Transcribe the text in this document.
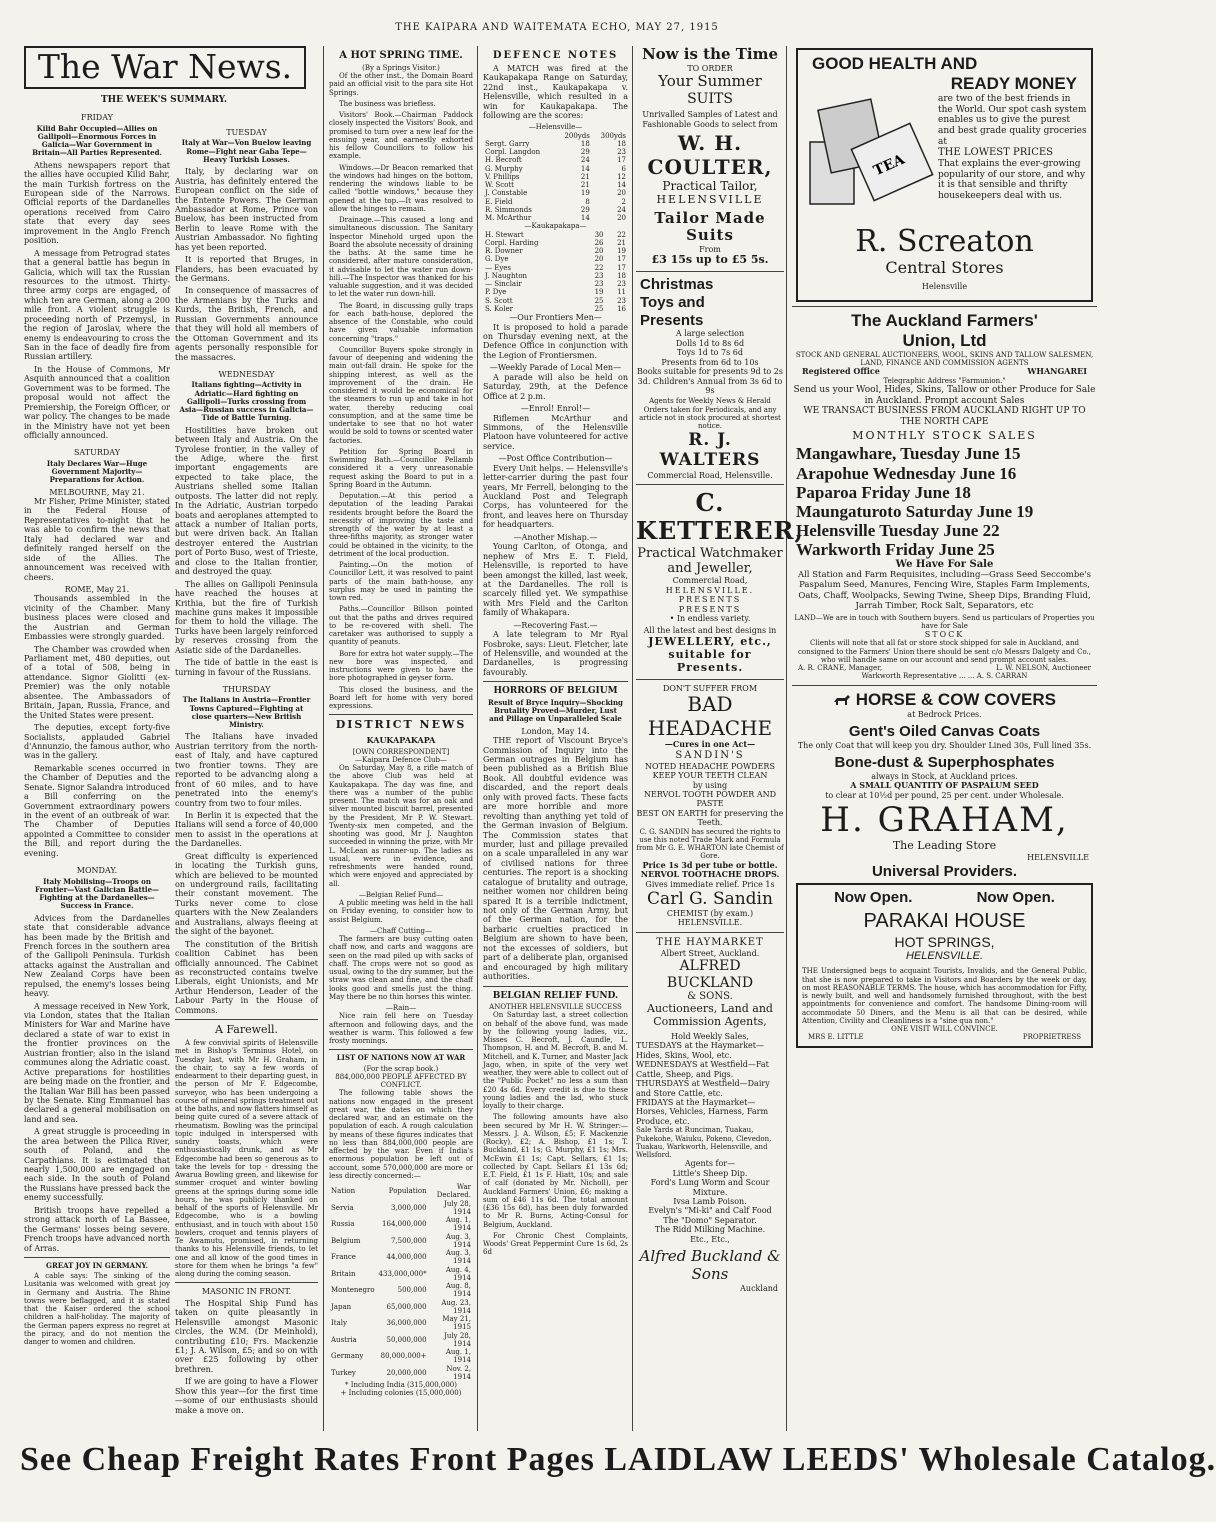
THE KAIPARA AND WAITEMATA ECHO, MAY 27, 1915
The War News.
THE WEEK'S SUMMARY.
FRIDAY
Kilid Bahr Occupied—Allies on Gallipoli—Enormous Forces in Galicia—War Government in Britain—All Parties Represented.

Athens newspapers report that the allies have occupied Kilid Bahr, the main Turkish fortress on the European side of the Narrows. Official reports of the Dardanelles operations received from Cairo state that every day sees improvement in the Anglo French position.

A message from Petrograd states that a general battle has begun in Galicia, which will tax the Russian resources to the utmost. Thirty-three army corps are engaged, of which ten are German, along a 200 mile front. A violent struggle is proceeding north of Przemysl, in the region of Jaroslav, where the enemy is endeavouring to cross the San in the face of deadly fire from Russian artillery.

In the House of Commons, Mr Asquith announced that a coalition Government was to be formed. The proposal would not affect the Premiership, the Foreign Officer, or war policy. The changes to be made in the Ministry have not yet been officially announced.

SATURDAY
Italy Declares War—Huge Government Majority—Preparations for Action.
MELBOURNE, May 21.

Mr Fisher, Prime Minister, stated in the Federal House of Representatives to-night that he was able to confirm the news that Italy had declared war and definitely ranged herself on the side of the Allies. The announcement was received with cheers.

ROME, May 21.

Thousands assembled in the vicinity of the Chamber. Many business places were closed and the Austrian and German Embassies were strongly guarded.

The Chamber was crowded when Parliament met, 480 deputies, out of a total of 508, being in attendance. Signor Giolitti (ex-Premier) was the only notable absentee. The Ambassadors of Britain, Japan, Russia, France, and the United States were present.

The deputies, except forty-five Socialists, applauded Gabriel d'Annunzio, the famous author, who was in the gallery.

Remarkable scenes occurred in the Chamber of Deputies and the Senate. Signor Salandra introduced a Bill conferring on the Government extraordinary powers in the event of an outbreak of war. The Chamber of Deputies appointed a Committee to consider the Bill, and report during the evening.

MONDAY.
Italy Mobilising—Troops on Frontier—Vast Galician Battle—Fighting at the Dardanelles—Success in France.

Advices from the Dardanelles state that considerable advance has been made by the British and French forces in the southern area of the Gallipoli Peninsula. Turkish attacks against the Australian and New Zealand Corps have been repulsed, the enemy's losses being heavy.

A message received in New York, via London, states that the Italian Ministers for War and Marine have declared a state of war to exist in the frontier provinces on the Austrian frontier; also in the island communes along the Adriatic coast. Active preparations for hostilities are being made on the frontier, and the Italian War Bill has been passed by the Senate. King Emmanuel has declared a general mobilisation on land and sea.

A great struggle is proceeding in the area between the Pilica River, south of Poland, and the Carpathians. It is estimated that nearly 1,500,000 are engaged on each side. In the south of Poland the Russians have pressed back the enemy successfully.

British troops have repelled a strong attack north of La Bassee, the Germans' losses being severe. French troops have advanced north of Arras.

GREAT JOY IN GERMANY.

A cable says: The sinking of the Lusitania was welcomed with great joy in Germany and Austria. The Rhine towns were beflagged, and it is stated that the Kaiser ordered the school children a half-holiday. The majority of the German papers express no regret at the piracy, and do not mention the danger to women and children.

TUESDAY
Italy at War—Von Buelow leaving Rome—Fight near Gaba Tepe—Heavy Turkish Losses.

Italy, by declaring war on Austria, has definitely entered the European conflict on the side of the Entente Powers. The German Ambassador at Rome, Prince von Buelow, has been instructed from Berlin to leave Rome with the Austrian Ambassador. No fighting has yet been reported.

It is reported that Bruges, in Flanders, has been evacuated by the Germans.

In consequence of massacres of the Armenians by the Turks and Kurds, the British, French, and Russian Governments announce that they will hold all members of the Ottoman Government and its agents personally responsible for the massacres.

WEDNESDAY
Italians fighting—Activity in Adriatic—Hard fighting on Gallipoli—Turks crossing from Asia—Russian success in Galicia—Tide of Battle Turning.

Hostilities have broken out between Italy and Austria. On the Tyrolese frontier, in the valley of the Adige, where the first important engagements are expected to take place, the Austrians shelled some Italian outposts. The latter did not reply. In the Adriatic, Austrian torpedo boats and aeroplanes attempted to attack a number of Italian ports, but were driven back. An Italian destroyer entered the Austrian port of Porto Buso, west of Trieste, and close to the Italian frontier, and destroyed the quay.

The allies on Gallipoli Peninsula have reached the houses at Krithia, but the fire of Turkish machine guns makes it impossible for them to hold the village. The Turks have been largely reinforced by reserves crossing from the Asiatic side of the Dardanelles.

The tide of battle in the east is turning in favour of the Russians.

THURSDAY
The Italians in Austria—Frontier Towns Captured—Fighting at close quarters—New British Ministry.

The Italians have invaded Austrian territory from the north-east of Italy, and have captured two frontier towns. They are reported to be advancing along a front of 60 miles, and to have penetrated into the enemy's country from two to four miles.

In Berlin it is expected that the Italians will send a force of 40,000 men to assist in the operations at the Dardanelles.

Great difficulty is experienced in locating the Turkish guns, which are believed to be mounted on underground rails, facilitating their constant movement. The Turks never come to close quarters with the New Zealanders and Australians, always fleeing at the sight of the bayonet.

The constitution of the British coalition Cabinet has been officially announced. The Cabinet as reconstructed contains twelve Liberals, eight Unionists, and Mr Arthur Henderson, Leader of the Labour Party in the House of Commons.

A Farewell.

A few convivial spirits of Helensville met in Bishop's Terminus Hotel, on Tuesday last, with Mr H. Graham, in the chair, to say a few words of endearment to their departing guest, in the person of Mr F. Edgecombe, surveyor, who has been undergoing a course of mineral springs treatment out at the baths, and now flatters himself as being quite cured of a severe attack of rheumatism. Bowling was the principal topic indulged in interspersed with sundry toasts, which were enthusiastically drunk, and as Mr Edgecombe had been so generous as to take the levels for top - dressing the Awarua Bowling green, and likewise for summer croquet and winter bowling greens at the springs during some idle hours, he was publicly thanked on behalf of the sports of Helensville. Mr Edgecombe, who is a bowling enthusiast, and in touch with about 150 bowlers, croquet and tennis players of Te Awamutu, promised, in returning thanks to his Helensville friends, to let one and all know of the good times in store for them when he brings "a few" along during the coming season.

MASONIC IN FRONT.

The Hospital Ship Fund has taken on quite pleasantly in Helensville amongst Masonic circles, the W.M. (Dr Meinhold), contributing £10; Frs. Mackenzie £1; J. A. Wilson, £5; and so on with over £25 following by other brethren.

If we are going to have a Flower Show this year—for the first time—some of our enthusiasts should make a move on.

A HOT SPRING TIME.
(By a Springs Visitor.)

Of the other inst., the Domain Board paid an official visit to the para site Hot Springs.

The business was briefless.

Visitors' Book.—Chairman Paddock closely inspected the Visitors' Book, and promised to turn over a new leaf for the ensuing year, and earnestly exhorted his fellow Councillors to follow his example.

Windows.—Dr Beacon remarked that the windows had hinges on the bottom, rendering the windows liable to be called "bottle windows," because they opened at the top.—It was resolved to allow the hinges to remain.

Drainage.—This caused a long and simultaneous discussion. The Sanitary Inspector Minehold urged upon the Board the absolute necessity of draining the baths. At the same time he considered, after mature consideration, it advisable to let the water run down-hill.—The Inspector was thanked for his valuable suggestion, and it was decided to let the water run down-hill.

The Board, in discussing gully traps for each bath-house, deplored the absence of the Constable, who could have given valuable information concerning "traps."

Councillor Buyers spoke strongly in favour of deepening and widening the main out-fall drain. He spoke for the shipping interest, as well as the improvement of the drain. He considered it would be economical for the steamers to run up and take in hot water, thereby reducing coal consumption, and at the same time be undertake to see that no hot water would be sold to towns or scented water factories.

Petition for Spring Board in Swimming Bath.—Councillor Pellamb considered it a very unreasonable request asking the Board to put in a Spring Board in the Autumn.

Deputation.—At this period a deputation of the leading Parakai residents brought before the Board the necessity of improving the taste and strength of the water by at least a three-fifths majority, as stronger water could be obtained in the vicinity, to the detriment of the local production.

Painting.—On the motion of Councillor Lett, it was resolved to paint parts of the main bath-house, any surplus may be used in painting the town red.

Paths.—Councillor Billson pointed out that the paths and drives required to be re-covered with shell. The caretaker was authorised to supply a quantity of peanuts.

Bore for extra hot water supply.—The new bore was inspected, and instructions were given to have the bore photographed in geyser form.

This closed the business, and the Board left for home with very bored expressions.

DISTRICT NEWS
KAUKAPAKAPA
[OWN CORRESPONDENT]
—Kaipara Defence Club—

On Saturday, May 8, a rifle match of the above Club was held at Kaukapakapa. The day was fine, and there was a number of the public present. The match was for an oak and silver mounted biscuit barrel, presented by the President, Mr P. W. Stewart. Twenty-six men competed, and the shooting was good, Mr J. Naughton succeeded in winning the prize, with Mr L. McLean as runner-up. The ladies as usual, were in evidence, and refreshments were handed round, which were enjoyed and appreciated by all.

—Belgian Relief Fund—

A public meeting was held in the hall on Friday evening, to consider how to assist Belgium.

—Chaff Cutting—

The farmers are busy cutting oaten chaff now, and carts and waggons are seen on the road piled up with sacks of chaff. The crops were not so good as usual, owing to the dry summer, but the straw was clean and fine, and the chaff looks good and smells just the thing. May there be no thin horses this winter.

—Rain—

Nice rain fell here on Tuesday afternoon and following days, and the weather is warm. This followed a few frosty mornings.

LIST OF NATIONS NOW AT WAR
(For the scrap book.)
884,000,000 PEOPLE AFFECTED BY CONFLICT.

The following table shows the nations now engaged in the present great war, the dates on which they declared war, and an estimate on the population of each. A rough calculation by means of these figures indicates that no less than 884,000,000 people are affected by the war. Even if India's enormous population be left out of account, some 570,000,000 are more or less directly concerned:—

Nation	Population	War Declared.
Servia	3,000,000	July 28, 1914
Russia	164,000,000	Aug. 1, 1914
Belgium	7,500,000	Aug. 3, 1914
France	44,000,000	Aug. 3, 1914
Britain	433,000,000*	Aug. 4, 1914
Montenegro	500,000	Aug. 8, 1914
Japan	65,000,000	Aug. 23, 1914
Italy	36,000,000	May 21, 1915
Austria	50,000,000	July 28, 1914
Germany	80,000,000+	Aug. 1, 1914
Turkey	20,000,000	Nov. 2, 1914
* Including India (315,000,000)
+ Including colonies (15,000,000)
DEFENCE NOTES

A MATCH was fired at the Kaukapakapa Range on Saturday, 22nd inst., Kaukapakapa v. Helensville, which resulted in a win for Kaukapakapa. The following are the scores:

—Helensville—
	200yds	300yds
Sergt. Garry	18	18
Corpl. Langdon	29	23
H. Becroft	24	17
G. Murphy	14	6
V. Phillips	21	12
W. Scott	21	14
J. Constable	19	20
E. Field	8	2
R. Simmonds	29	24
M. McArthur	14	20
—Kaukapakapa—
H. Stewart	30	22
Corpl. Harding	26	21
R. Downer	20	19
G. Dye	20	17
— Eyes	22	17
J. Naughton	23	18
— Sinclair	23	23
P. Dye	19	11
S. Scott	25	23
S. Koler	25	16
—Our Frontiers Men—

It is proposed to hold a parade on Thursday evening next, at the Defence Office in conjunction with the Legion of Frontiersmen.

—Weekly Parade of Local Men—

A parade will also be held on Saturday, 29th, at the Defence Office at 2 p.m.

—Enrol! Enrol!—

Riflemen McArthur and Simmons, of the Helensville Platoon have volunteered for active service.

—Post Office Contribution—

Every Unit helps. — Helensville's letter-carrier during the past four years, Mr Ferrell, belonging to the Auckland Post and Telegraph Corps, has volunteered for the front, and leaves here on Thursday for headquarters.

—Another Mishap.—

Young Carlton, of Otonga, and nephew of Mrs E. T. Field, Helensville, is reported to have been amongst the killed, last week, at the Dardanelles. The roll is scarcely filled yet. We sympathise with Mrs Field and the Carlton family of Whakapara.

—Recovering Fast.—

A late telegram to Mr Ryal Fosbroke, says: Lieut. Fletcher, late of Helensville, and wounded at the Dardanelles, is progressing favourably.

HORRORS OF BELGIUM
Result of Bryce Inquiry—Shocking Brutality Proved—Murder, Lust and Pillage on Unparalleled Scale
London, May 14.

THE report of Viscount Bryce's Commission of Inquiry into the German outrages in Belgium has been published as a British Blue Book. All doubtful evidence was discarded, and the report deals only with proved facts. These facts are more horrible and more revolting than anything yet told of the German invasion of Belgium. The Commission states that murder, lust and pillage prevailed on a scale unparalleled in any war of civilised nations for three centuries. The report is a shocking catalogue of brutality and outrage, neither women nor children being spared It is a terrible indictment, not only of the German Army, but of the German nation, for the barbaric cruelties practiced in Belgium are shown to have been, not the excesses of soldiers, but part of a deliberate plan, organised and encouraged by high military authorities.

BELGIAN RELIEF FUND.
ANOTHER HELENSVILLE SUCCESS

On Saturday last, a street collection on behalf of the above fund, was made by the following young ladies, viz., Misses C. Becroft, J. Caundle, L. Thompson, H. and M. Becroft, B. and M. Mitchell, and K. Turner, and Master Jack Jago, when, in spite of the very wet weather, they were able to collect out of the "Public Pocket" no less a sum than £20 4s 6d. Every credit is due to these young ladies and the lad, who stuck loyally to their charge.

The following amounts have also been secured by Mr H. W. Stringer:—Messrs. J. A. Wilson, £5; F. Mackenzie (Rocky), £2; A. Bishop, £1 1s; T. Buckland, £1 1s; G. Murphy, £1 1s; Mrs. McEwin £1 1s; Capt. Sellars, £1 1s; collected by Capt. Sellars £1 13s 6d; E.T. Field, £1 1s F. Hiatt, 10s; and sale of calf (donated by Mr. Nicholl), per Auckland Farmers' Union, £6; making a sum of £46 11s 6d. The total amount (£36 15s 6d), has been duly forwarded to Mr R. Burns, Acting-Consul for Belgium, Auckland.

For Chronic Chest Complaints, Woods' Great Peppermint Cure 1s 6d, 2s 6d

Now is the Time
TO ORDER
Your Summer
SUITS
Unrivalled Samples of Latest and Fashionable Goods to select from
W. H. COULTER,
Practical Tailor,
HELENSVILLE
Tailor Made Suits
From
£3 15s up to £5 5s.
Christmas
Toys and
Presents
A large selection
Dolls 1d to 8s 6d
Toys 1d to 7s 6d
Presents from 6d to 10s
Books suitable for presents 9d to 2s 3d. Children's Annual from 3s 6d to 9s
Agents for Weekly News & Herald Orders taken for Periodicals, and any article not in stock procured at shortest notice.
R. J. WALTERS
Commercial Road, Helensville.
C. KETTERER,
Practical Watchmaker
and Jeweller,
Commercial Road,
HELENSVILLE.
PRESENTS
PRESENTS
• In endless variety.
All the latest and best designs in
JEWELLERY, etc.,
suitable for Presents.
DON'T SUFFER FROM
BAD HEADACHE
—Cures in one Act—
SANDIN'S
NOTED HEADACHE POWDERS
KEEP YOUR TEETH CLEAN
by using
NERVOL TOOTH POWDER AND PASTE
BEST ON EARTH for preserving the Teeth.
C. G. SANDIN has secured the rights to use this noted Trade Mark and Formula from Mr G. E. WHARTON late Chemist of Gore.
Price 1s 3d per tube or bottle.
NERVOL TOOTHACHE DROPS.
Gives immediate relief. Price 1s
Carl G. Sandin
CHEMIST (by exam.)
HELENSVILLE.
THE HAYMARKET
Albert Street, Auckland.
ALFRED BUCKLAND
& SONS.
Auctioneers, Land and Commission Agents,
Hold Weekly Sales,
TUESDAYS at the Haymarket—Hides, Skins, Wool, etc.
WEDNESDAYS at Westfield—Fat Cattle, Sheep, and Pigs.
THURSDAYS at Westfield—Dairy and Store Cattle, etc.
FRIDAYS at the Haymarket—Horses, Vehicles, Harness, Farm Produce, etc.
Sale Yards at Runciman, Tuakau, Pukekohe, Waiuku, Pokeno, Clevedon, Tuakau, Warkworth, Helensville, and Wellsford.
Agents for—
Little's Sheep Dip.
Ford's Lung Worm and Scour Mixture.
Ivsa Lamb Poison.
Evelyn's "Mi-ki" and Calf Food
The "Domo" Separator.
The Ridd Milking Machine.
Etc., Etc.,
Alfred Buckland & Sons
Auckland
GOOD HEALTH AND
READY MONEY
TEA
are two of the best friends in the World. Our spot cash system enables us to give the purest and best grade quality groceries at
THE LOWEST PRICES
That explains the ever-growing popularity of our store, and why it is that sensible and thrifty housekeepers deal with us.
R. Screaton
Central Stores
Helensville
The Auckland Farmers'
Union, Ltd
STOCK AND GENERAL AUCTIONEERS, WOOL, SKINS AND TALLOW SALESMEN, LAND, FINANCE AND COMMISSION AGENTS
Registered Office	WHANGAREI
Telegraphic Address "Farmunion."
Send us your Wool, Hides, Skins, Tallow or other Produce for Sale in Auckland. Prompt account Sales
WE TRANSACT BUSINESS FROM AUCKLAND RIGHT UP TO THE NORTH CAPE
MONTHLY STOCK SALES
Mangawhare, Tuesday June 15
Arapohue Wednesday June 16
Paparoa Friday June 18
Maungaturoto Saturday June 19
Helensville Tuesday June 22
Warkworth Friday June 25
We Have For Sale
All Station and Farm Requisites, including—Grass Seed Seccombe's Paspalum Seed, Manures, Fencing Wire, Staples Farm Implements, Oats, Chaff, Woolpacks, Sewing Twine, Sheep Dips, Branding Fluid, Jarrah Timber, Rock Salt, Separators, etc
LAND—We are in touch with Southern buyers. Send us particulars of Properties you have for Sale
STOCK
Clients will note that all fat or store stock shipped for sale in Auckland, and consigned to the Farmers' Union there should be sent c/o Messrs Dalgety and Co., who will handle same on our account and send prompt account sales.
A. R. CRANE, Manager,	L. W. NELSON, Auctioneer
Warkworth Representative ... ... A. S. CARRAN
HORSE & COW COVERS
at Bedrock Prices.
Gent's Oiled Canvas Coats
The only Coat that will keep you dry. Shoulder Lined 30s, Full lined 35s.
Bone-dust & Superphosphates
always in Stock, at Auckland prices.
A SMALL QUANTITY OF PASPALUM SEED
to clear at 10½d per pound, 25 per cent. under Wholesale.
H. GRAHAM,
The Leading Store
HELENSVILLE
Universal Providers.
Now Open.	Now Open.
PARAKAI HOUSE
HOT SPRINGS,
HELENSVILLE.
THE Undersigned begs to acquaint Tourists, Invalids, and the General Public, that she is now prepared to take in Visitors and Boarders by the week or day, on most REASONABLE TERMS. The house, which has accommodation for Fifty, is newly built, and well and handsomely furnished throughout, with the best appointments for convenience and comfort. The handsome Dining-room will accommodate 50 Diners, and the Menu is all that can be desired, while Attention, Civility and Cleanliness is a "sine qua non."
ONE VISIT WILL CONVINCE.
MRS E. LITTLE	PROPRIETRESS
See Cheap Freight Rates Front Pages LAIDLAW LEEDS' Wholesale Catalog.
